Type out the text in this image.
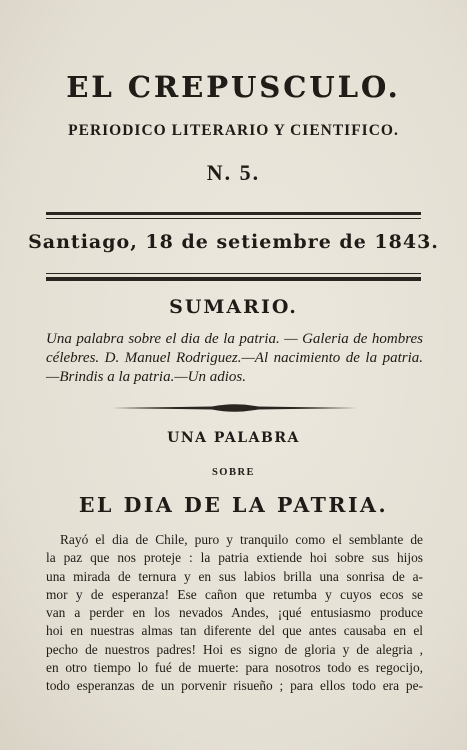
EL CREPUSCULO.
PERIODICO LITERARIO Y CIENTIFICO.
N. 5.
Santiago, 18 de setiembre de 1843.
SUMARIO.
Una palabra sobre el dia de la patria. — Galeria de hombres célebres. D. Manuel Rodriguez.—Al nacimiento de la patria.—Brindis a la patria.—Un adios.
UNA PALABRA
SOBRE
EL DIA DE LA PATRIA.
Rayó el dia de Chile, puro y tranquilo como el semblante de
la paz que nos proteje : la patria extiende hoi sobre sus hijos
una mirada de ternura y en sus labios brilla una sonrisa de a-
mor y de esperanza! Ese cañon que retumba y cuyos ecos se
van a perder en los nevados Andes, ¡qué entusiasmo produce
hoi en nuestras almas tan diferente del que antes causaba en el
pecho de nuestros padres! Hoi es signo de gloria y de alegria ,
en otro tiempo lo fué de muerte: para nosotros todo es regocijo,
todo esperanzas de un porvenir risueño ; para ellos todo era pe-
